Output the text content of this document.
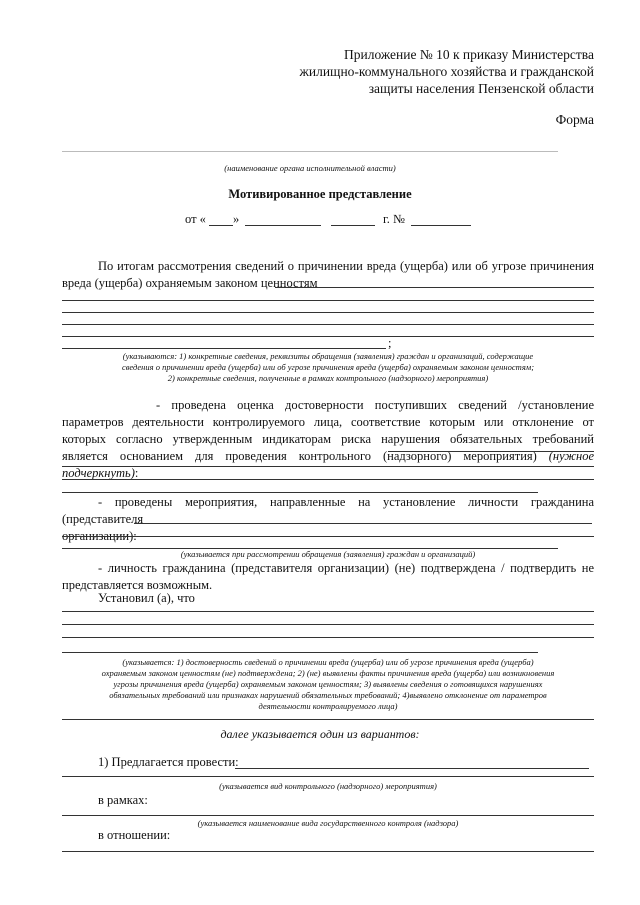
Приложение № 10 к приказу Министерства
жилищно-коммунального хозяйства и гражданской
защиты населения Пензенской области
Форма
(наименование органа исполнительной власти)
Мотивированное представление
от « »	г. №
По итогам рассмотрения сведений о причинении вреда (ущерба) или об угрозе причинения вреда (ущерба) охраняемым законом ценностям
;
(указываются: 1) конкретные сведения, реквизиты обращения (заявления) граждан и организаций, содержащие
сведения о причинении вреда (ущерба) или об угрозе причинения вреда (ущерба) охраняемым законом ценностям;
2) конкретные сведения, полученные в рамках контрольного (надзорного) мероприятия)
- проведена оценка достоверности поступивших сведений /установление параметров деятельности контролируемого лица, соответствие которым или отклонение от которых согласно утвержденным индикаторам риска нарушения обязательных требований является основанием для проведения контрольного (надзорного) мероприятия) (нужное подчеркнуть):
- проведены мероприятия, направленные на установление личности гражданина (представителя
организации):
(указывается при рассмотрении обращения (заявления) граждан и организаций)
- личность гражданина (представителя организации) (не) подтверждена / подтвердить не представляется возможным.
Установил (а), что
(указывается: 1) достоверность сведений о причинении вреда (ущерба) или об угрозе причинения вреда (ущерба)
охраняемым законом ценностям (не) подтверждена; 2) (не) выявлены факты причинения вреда (ущерба) или возникновения
угрозы причинения вреда (ущерба) охраняемым законом ценностям; 3) выявлены сведения о готовящихся нарушениях
обязательных требований или признаках нарушений обязательных требований; 4)выявлено отклонение от параметров
деятельности контролируемого лица)
далее указывается один из вариантов:
1) Предлагается провести:
(указывается вид контрольного (надзорного) мероприятия)
в рамках:
(указывается наименование вида государственного контроля (надзора)
в отношении:
